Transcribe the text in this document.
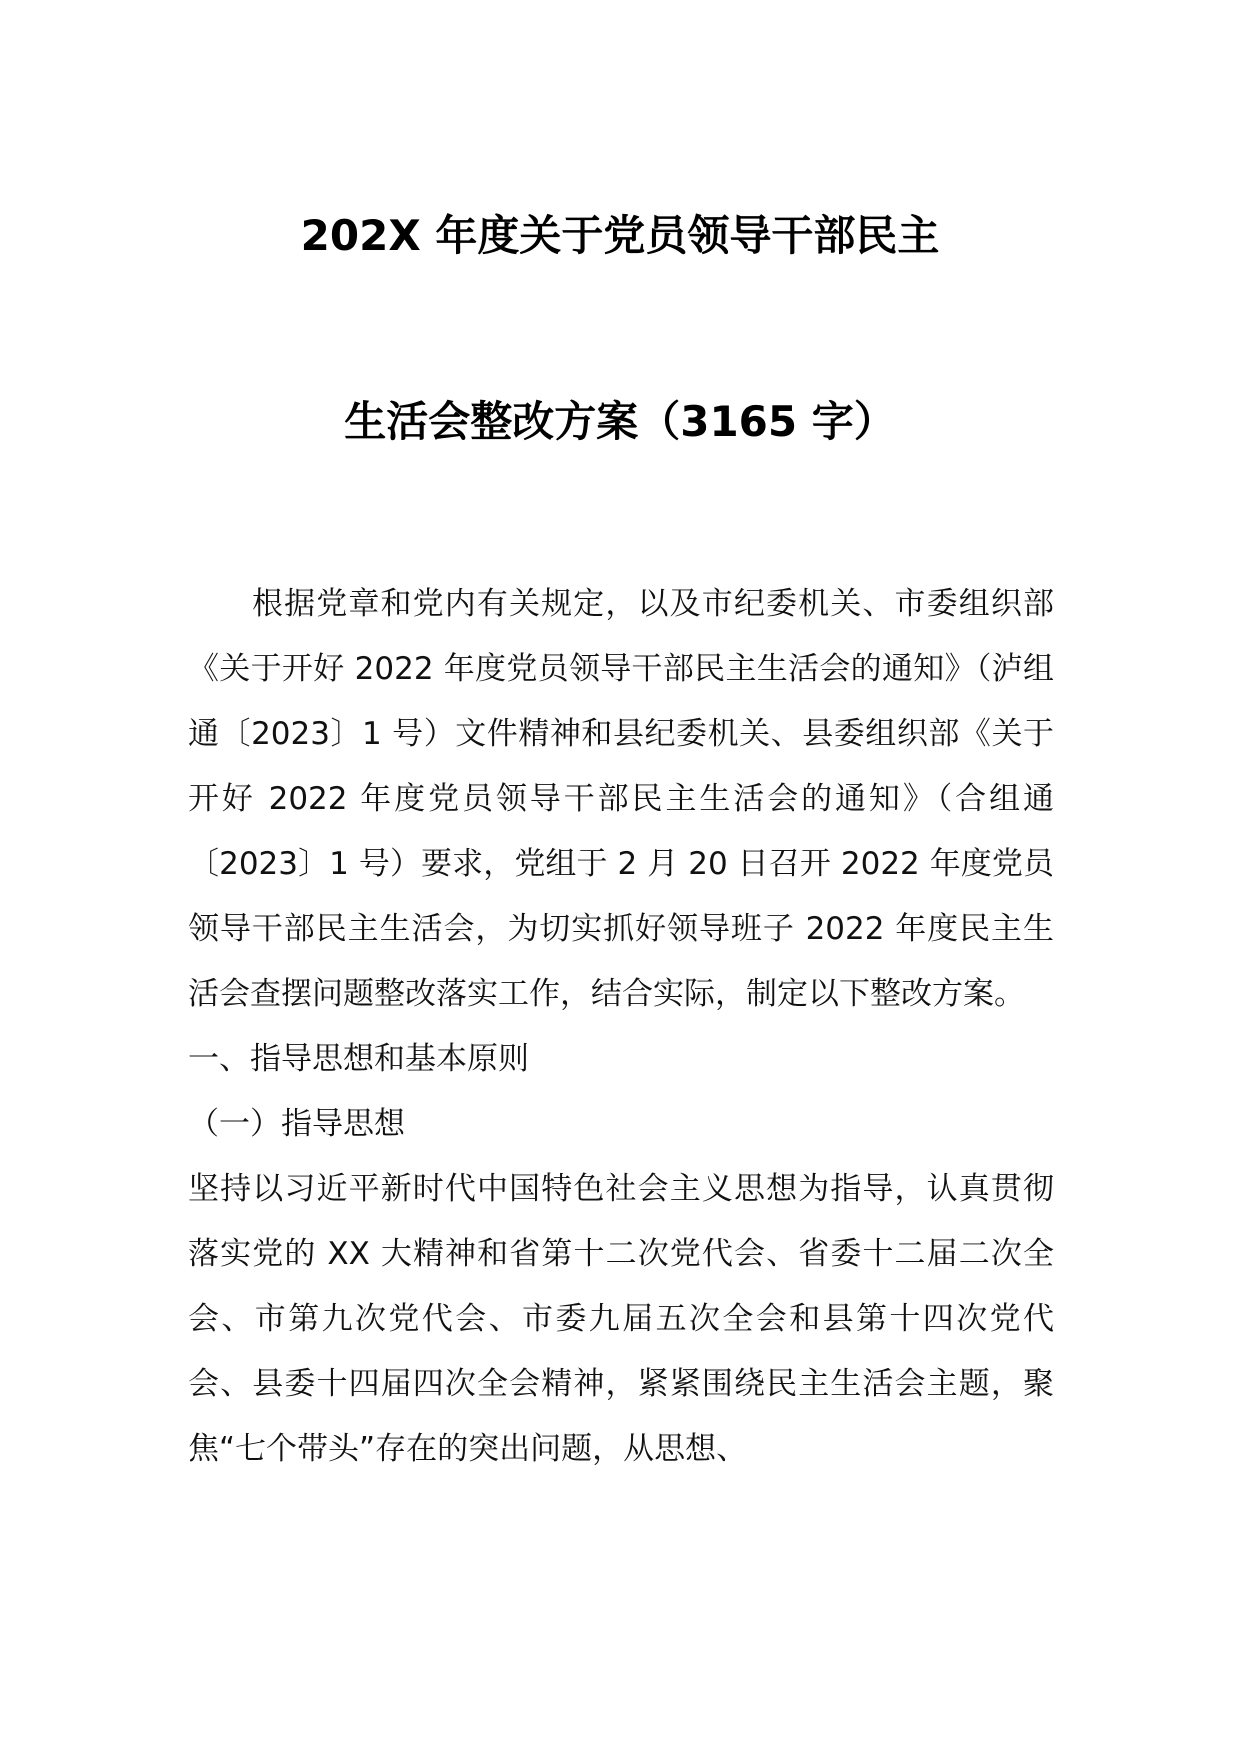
202X 年度关于党员领导干部民主
生活会整改方案（3165 字）

根据党章和党内有关规定，以及市纪委机关、市委组织部《关于开好 2022 年度党员领导干部民主生活会的通知》（泸组通〔2023〕1 号）文件精神和县纪委机关、县委组织部《关于开好 2022 年度党员领导干部民主生活会的通知》（合组通〔2023〕1 号）要求，党组于 2 月 20 日召开 2022 年度党员领导干部民主生活会，为切实抓好领导班子 2022 年度民主生活会查摆问题整改落实工作，结合实际，制定以下整改方案。

一、指导思想和基本原则

（一）指导思想

坚持以习近平新时代中国特色社会主义思想为指导，认真贯彻落实党的 XX 大精神和省第十二次党代会、省委十二届二次全会、市第九次党代会、市委九届五次全会和县第十四次党代会、县委十四届四次全会精神，紧紧围绕民主生活会主题，聚焦“七个带头”存在的突出问题，从思想、
